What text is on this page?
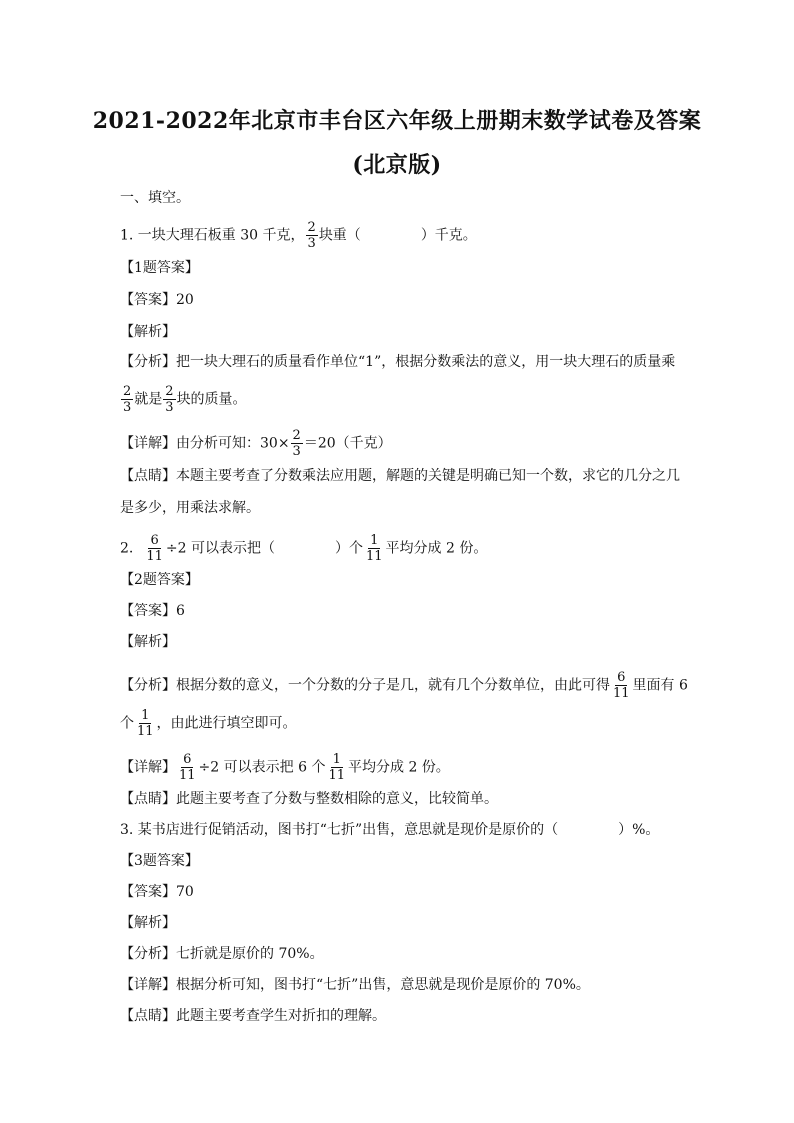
2021-2022年北京市丰台区六年级上册期末数学试卷及答案
(北京版)
一、填空。
1. 一块大理石板重 30 千克， $\frac{2}{3}$ 块重（	）千克。
【1题答案】
【答案】20
【解析】
【分析】把一块大理石的质量看作单位“1”，根据分数乘法的意义，用一块大理石的质量乘
$\frac{2}{3}$ 就是 $\frac{2}{3}$ 块的质量。
【详解】由分析可知：$30\times \frac{2}{3} =20$（千克）
【点睛】本题主要考查了分数乘法应用题，解题的关键是明确已知一个数，求它的几分之几
是多少，用乘法求解。
2. $\frac{6}{11} \div 2$ 可以表示把（	）个 $\frac{1}{11}$ 平均分成 2 份。
【2题答案】
【答案】6
【解析】
【分析】根据分数的意义，一个分数的分子是几，就有几个分数单位，由此可得 $\frac{6}{11}$ 里面有 6
个 $\frac{1}{11}$ ，由此进行填空即可。
【详解】 $\frac{6}{11} \div 2$ 可以表示把 6 个 $\frac{1}{11}$ 平均分成 2 份。
【点睛】此题主要考查了分数与整数相除的意义，比较简单。
3. 某书店进行促销活动，图书打“七折”出售，意思就是现价是原价的（	）%。
【3题答案】
【答案】70
【解析】
【分析】七折就是原价的 70%。
【详解】根据分析可知，图书打“七折”出售，意思就是现价是原价的 70%。
【点睛】此题主要考查学生对折扣的理解。
